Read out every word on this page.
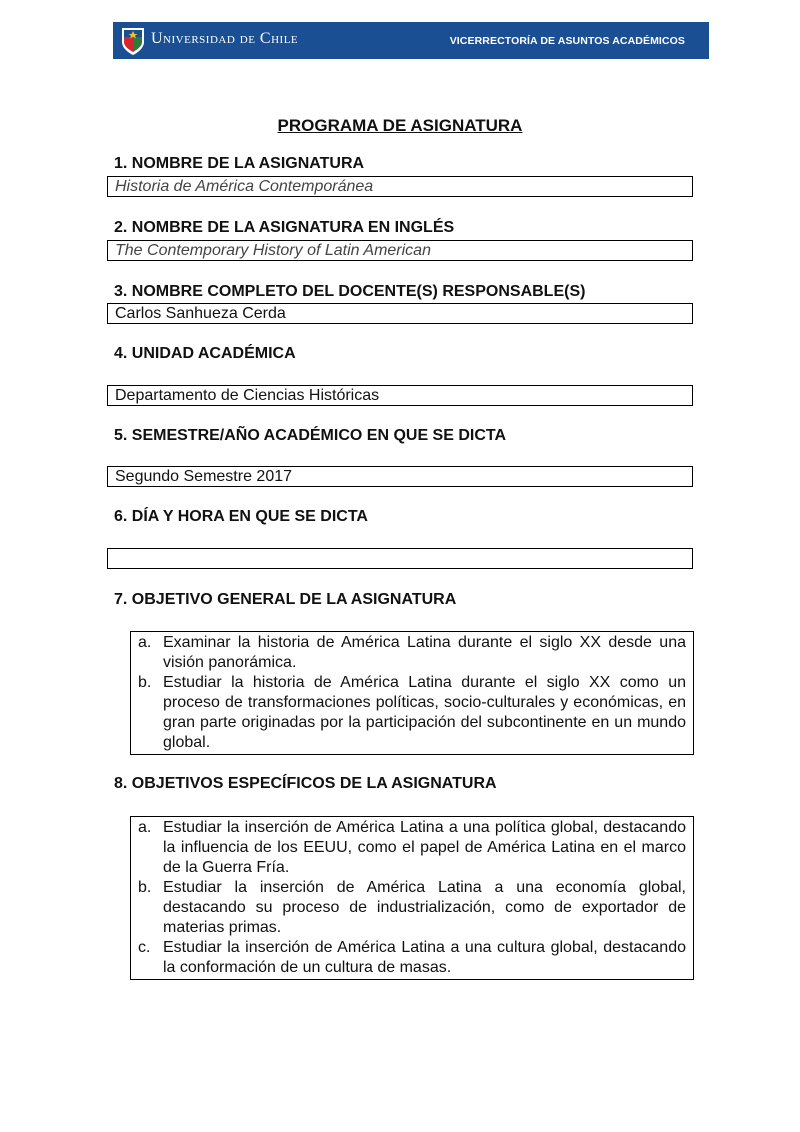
Universidad de Chile	VICERRECTORÍA DE ASUNTOS ACADÉMICOS
PROGRAMA DE ASIGNATURA
1. NOMBRE DE LA ASIGNATURA
Historia de América Contemporánea
2. NOMBRE DE LA ASIGNATURA EN INGLÉS
The Contemporary History of Latin American
3. NOMBRE COMPLETO DEL DOCENTE(S) RESPONSABLE(S)
Carlos Sanhueza Cerda
4. UNIDAD ACADÉMICA
Departamento de Ciencias Históricas
5. SEMESTRE/AÑO ACADÉMICO EN QUE SE DICTA
Segundo Semestre 2017
6. DÍA Y HORA EN QUE SE DICTA
7. OBJETIVO GENERAL DE LA ASIGNATURA
a. Examinar la historia de América Latina durante el siglo XX desde una visión panorámica.
b. Estudiar la historia de América Latina durante el siglo XX como un proceso de transformaciones políticas, socio-culturales y económicas, en gran parte originadas por la participación del subcontinente en un mundo global.
8. OBJETIVOS ESPECÍFICOS DE LA ASIGNATURA
a. Estudiar la inserción de América Latina a una política global, destacando la influencia de los EEUU, como el papel de América Latina en el marco de la Guerra Fría.
b. Estudiar la inserción de América Latina a una economía global, destacando su proceso de industrialización, como de exportador de materias primas.
c. Estudiar la inserción de América Latina a una cultura global, destacando la conformación de un cultura de masas.
